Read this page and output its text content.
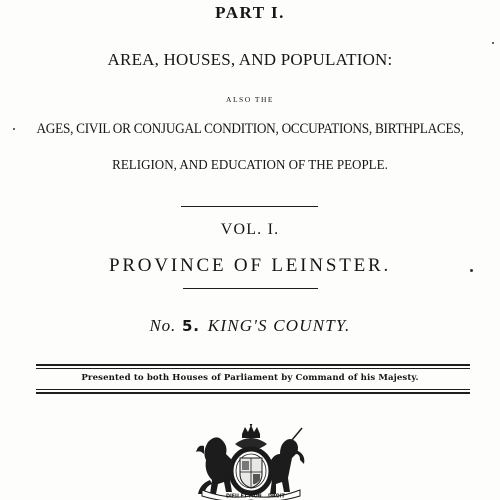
PART I.
AREA, HOUSES, AND POPULATION:
ALSO THE
AGES, CIVIL OR CONJUGAL CONDITION, OCCUPATIONS, BIRTHPLACES,
RELIGION, AND EDUCATION OF THE PEOPLE.
VOL. I.
PROVINCE OF LEINSTER.
No. 5. KING'S COUNTY.
Presented to both Houses of Parliament by Command of his Majesty.
DIEU ET MON DROIT
